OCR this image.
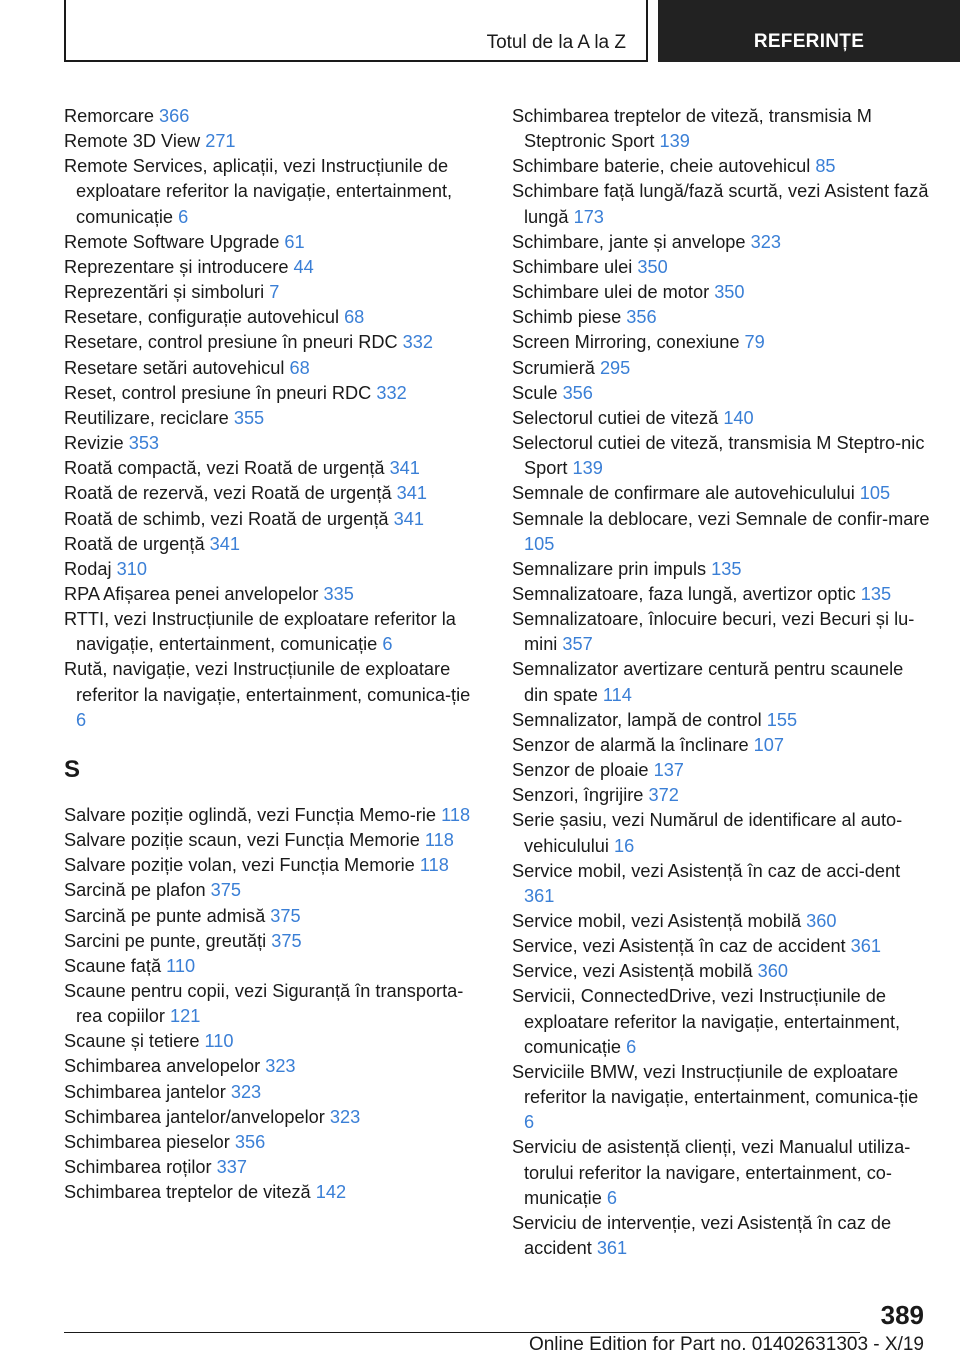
Totul de la A la Z	REFERINȚE

Remorcare 366

Remote 3D View 271

Remote Services, aplicații, vezi Instrucțiunile de exploatare referitor la navigație, entertainment, comunicație 6

Remote Software Upgrade 61

Reprezentare și introducere 44

Reprezentări și simboluri 7

Resetare, configurație autovehicul 68

Resetare, control presiune în pneuri RDC 332

Resetare setări autovehicul 68

Reset, control presiune în pneuri RDC 332

Reutilizare, reciclare 355

Revizie 353

Roată compactă, vezi Roată de urgență 341

Roată de rezervă, vezi Roată de urgență 341

Roată de schimb, vezi Roată de urgență 341

Roată de urgență 341

Rodaj 310

RPA Afișarea penei anvelopelor 335

RTTI, vezi Instrucțiunile de exploatare referitor la navigație, entertainment, comunicație 6

Rută, navigație, vezi Instrucțiunile de exploatare referitor la navigație, entertainment, comunica-ție 6

S

Salvare poziție oglindă, vezi Funcția Memo-rie 118

Salvare poziție scaun, vezi Funcția Memorie 118

Salvare poziție volan, vezi Funcția Memorie 118

Sarcină pe plafon 375

Sarcină pe punte admisă 375

Sarcini pe punte, greutăți 375

Scaune față 110

Scaune pentru copii, vezi Siguranță în transporta-rea copiilor 121

Scaune și tetiere 110

Schimbarea anvelopelor 323

Schimbarea jantelor 323

Schimbarea jantelor/anvelopelor 323

Schimbarea pieselor 356

Schimbarea roților 337

Schimbarea treptelor de viteză 142

Schimbarea treptelor de viteză, transmisia M Steptronic Sport 139

Schimbare baterie, cheie autovehicul 85

Schimbare față lungă/fază scurtă, vezi Asistent fază lungă 173

Schimbare, jante și anvelope 323

Schimbare ulei 350

Schimbare ulei de motor 350

Schimb piese 356

Screen Mirroring, conexiune 79

Scrumieră 295

Scule 356

Selectorul cutiei de viteză 140

Selectorul cutiei de viteză, transmisia M Steptro-nic Sport 139

Semnale de confirmare ale autovehiculului 105

Semnale la deblocare, vezi Semnale de confir-mare 105

Semnalizare prin impuls 135

Semnalizatoare, faza lungă, avertizor optic 135

Semnalizatoare, înlocuire becuri, vezi Becuri și lu-mini 357

Semnalizator avertizare centură pentru scaunele din spate 114

Semnalizator, lampă de control 155

Senzor de alarmă la înclinare 107

Senzor de ploaie 137

Senzori, îngrijire 372

Serie șasiu, vezi Numărul de identificare al auto-vehiculului 16

Service mobil, vezi Asistență în caz de acci-dent 361

Service mobil, vezi Asistență mobilă 360

Service, vezi Asistență în caz de accident 361

Service, vezi Asistență mobilă 360

Servicii, ConnectedDrive, vezi Instrucțiunile de exploatare referitor la navigație, entertainment, comunicație 6

Serviciile BMW, vezi Instrucțiunile de exploatare referitor la navigație, entertainment, comunica-ție 6

Serviciu de asistență clienți, vezi Manualul utiliza-torului referitor la navigare, entertainment, co-municație 6

Serviciu de intervenție, vezi Asistență în caz de accident 361

389
Online Edition for Part no. 01402631303 - X/19
